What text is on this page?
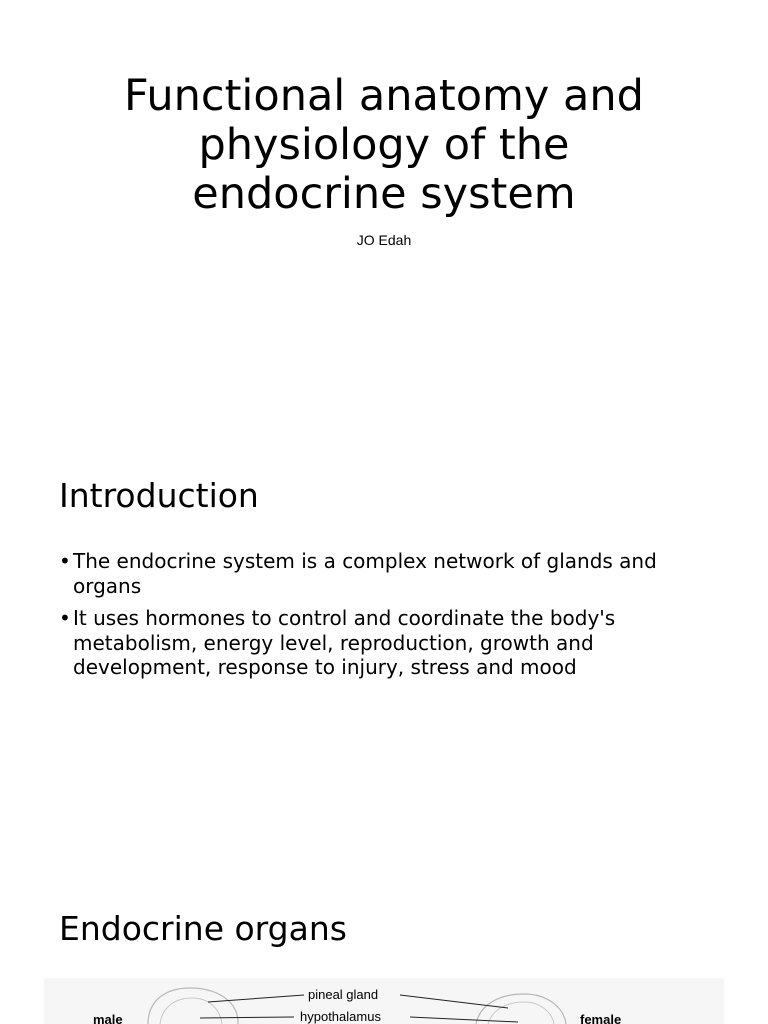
Functional anatomy and
physiology of the
endocrine system
JO Edah
Introduction
• The endocrine system is a complex network of glands and organs
• It uses hormones to control and coordinate the body's metabolism, energy level, reproduction, growth and development, response to injury, stress and mood
Endocrine organs
male
pineal gland
hypothalamus	female
